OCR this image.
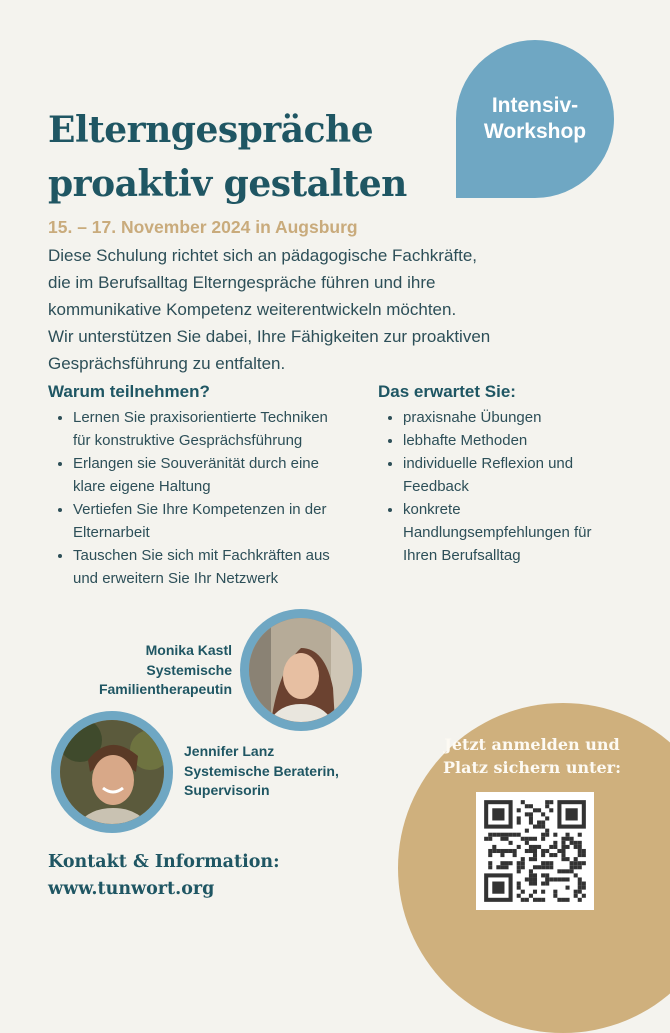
Intensiv-
Workshop
Elterngespräche
proaktiv gestalten
15. – 17. November 2024 in Augsburg
Diese Schulung richtet sich an pädagogische Fachkräfte,
die im Berufsalltag Elterngespräche führen und ihre
kommunikative Kompetenz weiterentwickeln möchten.
Wir unterstützen Sie dabei, Ihre Fähigkeiten zur proaktiven
Gesprächsführung zu entfalten.
Warum teilnehmen?
• Lernen Sie praxisorientierte Techniken
für konstruktive Gesprächsführung
• Erlangen sie Souveränität durch eine
klare eigene Haltung
• Vertiefen Sie Ihre Kompetenzen in der
Elternarbeit
• Tauschen Sie sich mit Fachkräften aus
und erweitern Sie Ihr Netzwerk
Das erwartet Sie:
• praxisnahe Übungen
• lebhafte Methoden
• individuelle Reflexion und
Feedback
• konkrete
Handlungsempfehlungen für
Ihren Berufsalltag
Monika Kastl
Systemische
Familientherapeutin
Jennifer Lanz
Systemische Beraterin,
Supervisorin
Kontakt & Information:
www.tunwort.org
Jetzt anmelden und
Platz sichern unter:
